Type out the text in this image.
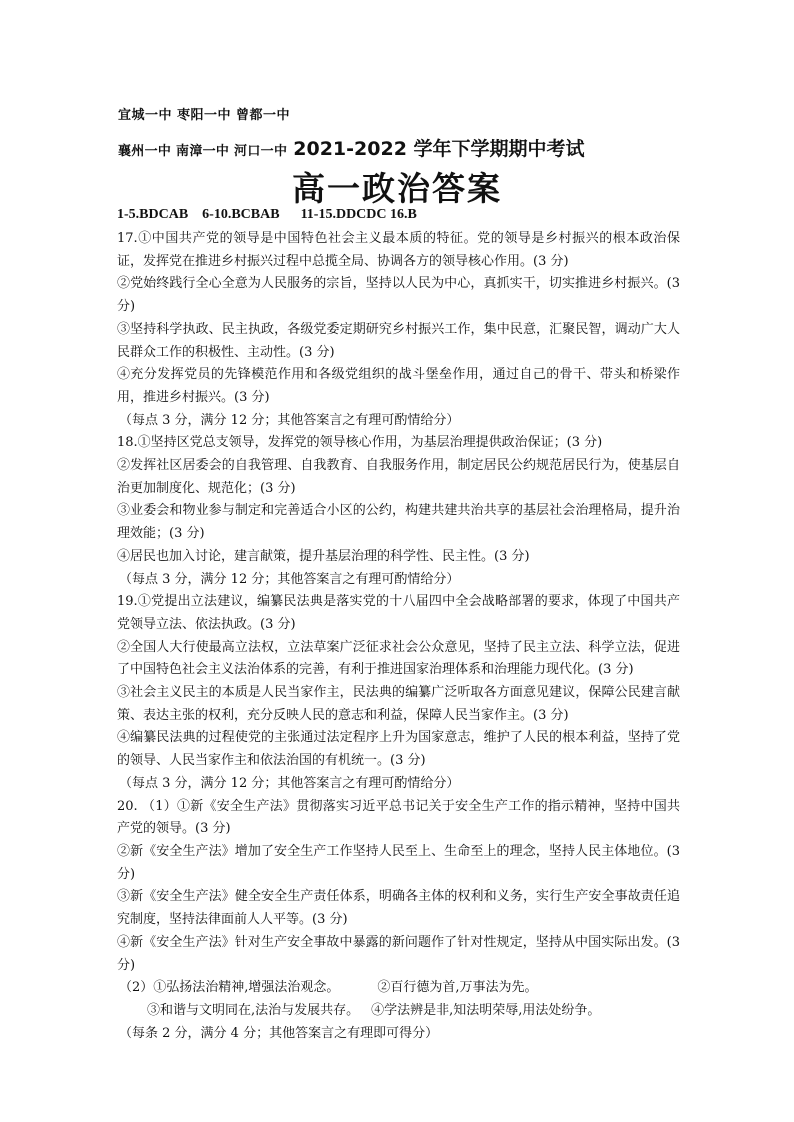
宜城一中 枣阳一中 曾都一中
襄州一中 南漳一中 河口一中 2021-2022 学年下学期期中考试
高一政治答案
1-5.BDCAB    6-10.BCBAB      11-15.DDCDC 16.B

17.①中国共产党的领导是中国特色社会主义最本质的特征。党的领导是乡村振兴的根本政治保证，发挥党在推进乡村振兴过程中总揽全局、协调各方的领导核心作用。(3 分)

②党始终践行全心全意为人民服务的宗旨，坚持以人民为中心，真抓实干，切实推进乡村振兴。(3 分)

③坚持科学执政、民主执政，各级党委定期研究乡村振兴工作，集中民意，汇聚民智，调动广大人民群众工作的积极性、主动性。(3 分)

④充分发挥党员的先锋模范作用和各级党组织的战斗堡垒作用，通过自己的骨干、带头和桥梁作用，推进乡村振兴。(3 分)

（每点 3 分，满分 12 分；其他答案言之有理可酌情给分）

18.①坚持区党总支领导，发挥党的领导核心作用，为基层治理提供政治保证；(3 分)

②发挥社区居委会的自我管理、自我教育、自我服务作用，制定居民公约规范居民行为，使基层自治更加制度化、规范化；(3 分)

③业委会和物业参与制定和完善适合小区的公约，构建共建共治共享的基层社会治理格局，提升治理效能；(3 分)

④居民也加入讨论，建言献策，提升基层治理的科学性、民主性。(3 分)

（每点 3 分，满分 12 分；其他答案言之有理可酌情给分）

19.①党提出立法建议，编纂民法典是落实党的十八届四中全会战略部署的要求，体现了中国共产党领导立法、依法执政。(3 分)

②全国人大行使最高立法权，立法草案广泛征求社会公众意见，坚持了民主立法、科学立法，促进了中国特色社会主义法治体系的完善，有利于推进国家治理体系和治理能力现代化。(3 分)

③社会主义民主的本质是人民当家作主，民法典的编纂广泛听取各方面意见建议，保障公民建言献策、表达主张的权利，充分反映人民的意志和利益，保障人民当家作主。(3 分)

④编纂民法典的过程使党的主张通过法定程序上升为国家意志，维护了人民的根本利益，坚持了党的领导、人民当家作主和依法治国的有机统一。(3 分)

（每点 3 分，满分 12 分；其他答案言之有理可酌情给分）

20. （1）①新《安全生产法》贯彻落实习近平总书记关于安全生产工作的指示精神，坚持中国共产党的领导。(3 分)

②新《安全生产法》增加了安全生产工作坚持人民至上、生命至上的理念，坚持人民主体地位。(3 分)

③新《安全生产法》健全安全生产责任体系，明确各主体的权利和义务，实行生产安全事故责任追究制度，坚持法律面前人人平等。(3 分)

④新《安全生产法》针对生产安全事故中暴露的新问题作了针对性规定，坚持从中国实际出发。(3 分)

（2）①弘扬法治精神,增强法治观念。	②百行德为首,万事法为先。

③和谐与文明同在,法治与发展共存。 ④学法辨是非,知法明荣辱,用法处纷争。

（每条 2 分，满分 4 分；其他答案言之有理即可得分）
